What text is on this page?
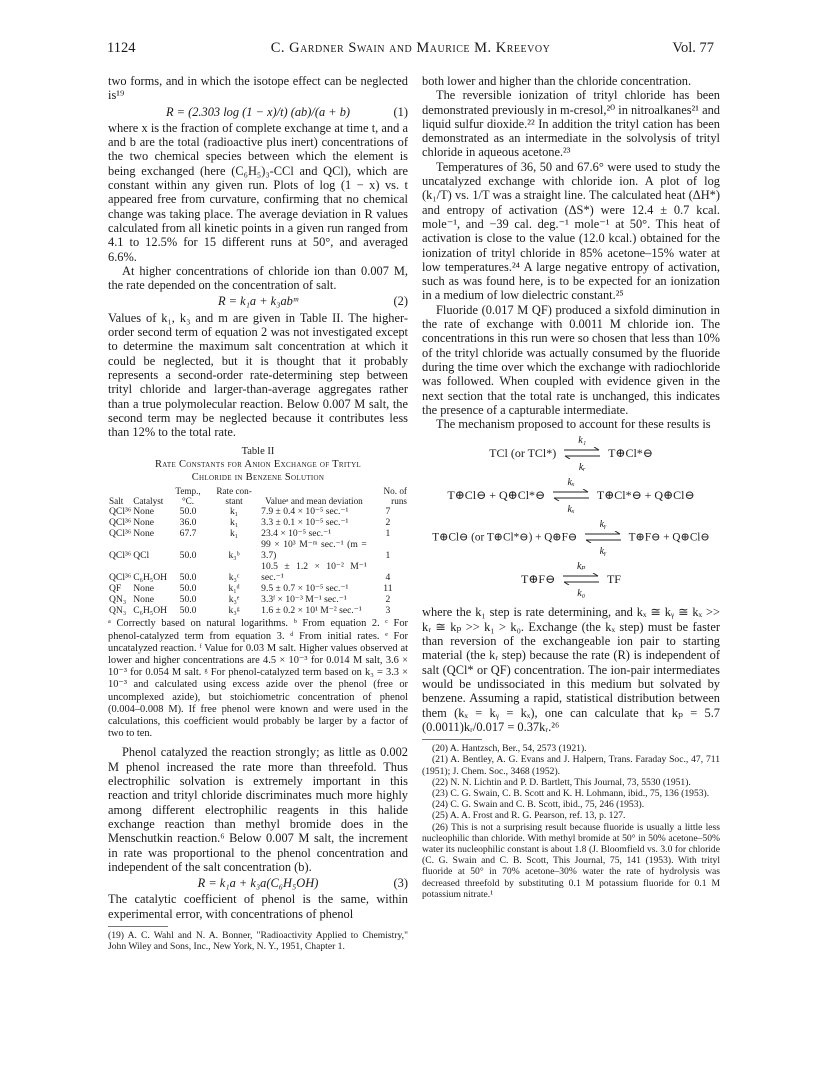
1124	C. Gardner Swain and Maurice M. Kreevoy	Vol. 77

two forms, and in which the isotope effect can be neglected is¹⁹

R = (2.303 log (1 − x)/t) (ab)/(a + b)	(1)

where x is the fraction of complete exchange at time t, and a and b are the total (radioactive plus inert) concentrations of the two chemical species between which the element is being exchanged (here (C₆H₅)₃-CCl and QCl), which are constant within any given run. Plots of log (1 − x) vs. t appeared free from curvature, confirming that no chemical change was taking place. The average deviation in R values calculated from all kinetic points in a given run ranged from 4.1 to 12.5% for 15 different runs at 50°, and averaged 6.6%.

At higher concentrations of chloride ion than 0.007 M, the rate depended on the concentration of salt.

R = k₁a + k₃abᵐ	(2)

Values of k₁, k₃ and m are given in Table II. The higher-order second term of equation 2 was not investigated except to determine the maximum salt concentration at which it could be neglected, but it is thought that it probably represents a second-order rate-determining step between trityl chloride and larger-than-average aggregates rather than a true polymolecular reaction. Below 0.007 M salt, the second term may be neglected because it contributes less than 12% to the total rate.

Table II

Rate Constants for Anion Exchange of Trityl

Chloride in Benzene Solution

Salt	Catalyst	Temp., °C.	Rate con- stant	Valueᵃ and mean deviation	No. of runs
QCl³⁶	None	50.0	k₁	7.9 ± 0.4 × 10⁻⁵ sec.⁻¹	7
QCl³⁶	None	36.0	k₁	3.3 ± 0.1 × 10⁻⁵ sec.⁻¹	2
QCl³⁶	None	67.7	k₁	23.4 × 10⁻⁵ sec.⁻¹	1
QCl³⁶	QCl	50.0	k₃ᵇ	99 × 10³ M⁻ᵐ sec.⁻¹ (m = 3.7)	1
QCl³⁶	C₆H₅OH	50.0	k₃ᶜ	10.5 ± 1.2 × 10⁻² M⁻¹ sec.⁻¹	4
QF	None	50.0	k₁ᵈ	9.5 ± 0.7 × 10⁻⁵ sec.⁻¹	11
QN₃	None	50.0	k₃ᵉ	3.3ᶠ × 10⁻³ M⁻¹ sec.⁻¹	2
QN₃	C₆H₅OH	50.0	k₃ᵍ	1.6 ± 0.2 × 10¹ M⁻² sec.⁻¹	3

ᵃ Correctly based on natural logarithms. ᵇ From equation 2. ᶜ For phenol-catalyzed term from equation 3. ᵈ From initial rates. ᵉ For uncatalyzed reaction. ᶠ Value for 0.03 M salt. Higher values observed at lower and higher concentrations are 4.5 × 10⁻³ for 0.014 M salt, 3.6 × 10⁻³ for 0.054 M salt. ᵍ For phenol-catalyzed term based on k₃ = 3.3 × 10⁻³ and calculated using excess azide over the phenol (free or uncomplexed azide), but stoichiometric concentration of phenol (0.004–0.008 M). If free phenol were known and were used in the calculations, this coefficient would probably be larger by a factor of two to ten.

Phenol catalyzed the reaction strongly; as little as 0.002 M phenol increased the rate more than threefold. Thus electrophilic solvation is extremely important in this reaction and trityl chloride discriminates much more highly among different electrophilic reagents in this halide exchange reaction than methyl bromide does in the Menschutkin reaction.⁶ Below 0.007 M salt, the increment in rate was proportional to the phenol concentration and independent of the salt concentration (b).

R = k₁a + k₃a(C₆H₅OH)	(3)

The catalytic coefficient of phenol is the same, within experimental error, with concentrations of phenol

(19) A. C. Wahl and N. A. Bonner, "Radioactivity Applied to Chemistry," John Wiley and Sons, Inc., New York, N. Y., 1951, Chapter 1.

both lower and higher than the chloride concentration.

The reversible ionization of trityl chloride has been demonstrated previously in m-cresol,²⁰ in nitroalkanes²¹ and liquid sulfur dioxide.²² In addition the trityl cation has been demonstrated as an intermediate in the solvolysis of trityl chloride in aqueous acetone.²³

Temperatures of 36, 50 and 67.6° were used to study the uncatalyzed exchange with chloride ion. A plot of log (k₁/T) vs. 1/T was a straight line. The calculated heat (ΔH*) and entropy of activation (ΔS*) were 12.4 ± 0.7 kcal. mole⁻¹, and −39 cal. deg.⁻¹ mole⁻¹ at 50°. This heat of activation is close to the value (12.0 kcal.) obtained for the ionization of trityl chloride in 85% acetone–15% water at low temperatures.²⁴ A large negative entropy of activation, such as was found here, is to be expected for an ionization in a medium of low dielectric constant.²⁵

Fluoride (0.017 M QF) produced a sixfold diminution in the rate of exchange with 0.0011 M chloride ion. The concentrations in this run were so chosen that less than 10% of the trityl chloride was actually consumed by the fluoride during the time over which the exchange with radiochloride was followed. When coupled with evidence given in the next section that the total rate is unchanged, this indicates the presence of a capturable intermediate.

The mechanism proposed to account for these results is

TCl (or TCl*)
k₁
kᵣ
T⊕Cl*⊖
T⊕Cl⊖ + Q⊕Cl*⊖
kₓ
kₓ
T⊕Cl*⊖ + Q⊕Cl⊖
T⊕Cl⊖ (or T⊕Cl*⊖) + Q⊕F⊖
kᵧ
kᵧ
T⊕F⊖ + Q⊕Cl⊖
T⊕F⊖
kₚ
k₀
TF

where the k₁ step is rate determining, and kₓ ≅ kᵧ ≅ kₓ >> kᵣ ≅ kₚ >> k₁ > k₀. Exchange (the kₓ step) must be faster than reversion of the exchangeable ion pair to starting material (the kᵣ step) because the rate (R) is independent of salt (QCl* or QF) concentration. The ion-pair intermediates would be undissociated in this medium but solvated by benzene. Assuming a rapid, statistical distribution between them (kₓ = kᵧ = kₓ), one can calculate that kₚ = 5.7 (0.0011)kᵣ/0.017 = 0.37kᵣ.²⁶

(20) A. Hantzsch, Ber., 54, 2573 (1921).

(21) A. Bentley, A. G. Evans and J. Halpern, Trans. Faraday Soc., 47, 711 (1951); J. Chem. Soc., 3468 (1952).

(22) N. N. Lichtin and P. D. Bartlett, This Journal, 73, 5530 (1951).

(23) C. G. Swain, C. B. Scott and K. H. Lohmann, ibid., 75, 136 (1953).

(24) C. G. Swain and C. B. Scott, ibid., 75, 246 (1953).

(25) A. A. Frost and R. G. Pearson, ref. 13, p. 127.

(26) This is not a surprising result because fluoride is usually a little less nucleophilic than chloride. With methyl bromide at 50° in 50% acetone–50% water its nucleophilic constant is about 1.8 (J. Bloomfield vs. 3.0 for chloride (C. G. Swain and C. B. Scott, This Journal, 75, 141 (1953). With trityl fluoride at 50° in 70% acetone–30% water the rate of hydrolysis was decreased threefold by substituting 0.1 M potassium fluoride for 0.1 M potassium nitrate.¹
